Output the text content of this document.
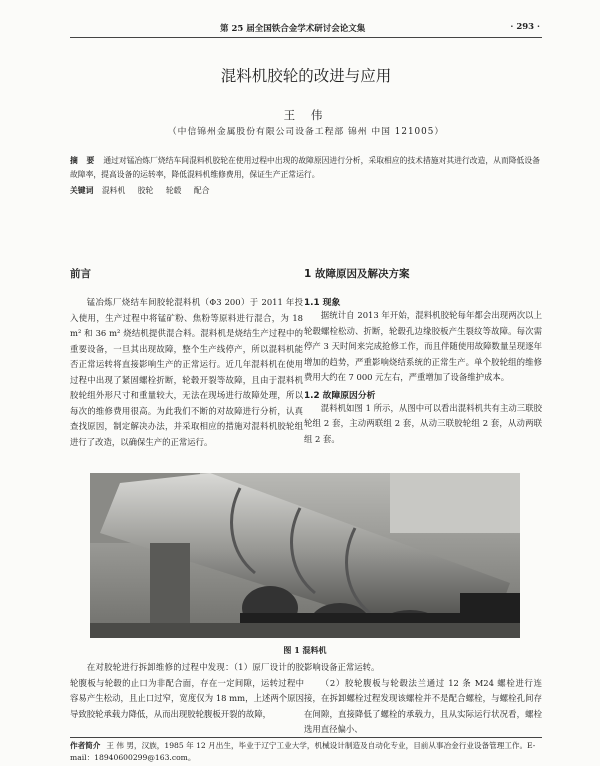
第 25 届全国铁合金学术研讨会论文集	· 293 ·
混料机胶轮的改进与应用
王 伟
（中信锦州金属股份有限公司设备工程部 锦州 中国 121005）
摘 要 通过对锰冶炼厂烧结车间混料机胶轮在使用过程中出现的故障原因进行分析，采取相应的技术措施对其进行改造，从而降低设备故障率，提高设备的运转率，降低混料机维修费用，保证生产正常运行。
关键词 混料机 胶轮 轮毂 配合
前言

锰冶炼厂烧结车间胶轮混料机（Φ3 200）于 2011 年投入使用，生产过程中将锰矿粉、焦粉等原料进行混合，为 18 m² 和 36 m² 烧结机提供混合料。混料机是烧结生产过程中的重要设备，一旦其出现故障，整个生产线停产，所以混料机能否正常运转将直接影响生产的正常运行。近几年混料机在使用过程中出现了紧固螺栓折断，轮毂开裂等故障，且由于混料机胶轮组外形尺寸和重量较大，无法在现场进行故障处理，所以每次的维修费用很高。为此我们不断的对故障进行分析，认真查找原因，制定解决办法，并采取相应的措施对混料机胶轮组进行了改造，以确保生产的正常运行。

1 故障原因及解决方案
1.1 现象

据统计自 2013 年开始，混料机胶轮每年都会出现两次以上轮毂螺栓松动、折断，轮毂孔边缘胶板产生裂纹等故障。每次需停产 3 天时间来完成抢修工作，而且伴随使用故障数量呈现逐年增加的趋势，严重影响烧结系统的正常生产。单个胶轮组的维修费用大约在 7 000 元左右，严重增加了设备维护成本。

1.2 故障原因分析

混料机如图 1 所示，从图中可以看出混料机共有主动三联胶轮组 2 套，主动两联组 2 套，从动三联胶轮组 2 套，从动两联组 2 套。

图 1 混料机

在对胶轮进行拆卸维修的过程中发现：（1）原厂设计的胶轮腹板与轮毂的止口为非配合面，存在一定间隙，运转过程中容易产生松动，且止口过窄，宽度仅为 18 mm，上述两个原因导致胶轮承载力降低，从而出现胶轮腹板开裂的故障，

影响设备正常运转。

（2）胶轮腹板与轮毂法兰通过 12 条 M24 螺栓进行连接，在拆卸螺栓过程发现该螺栓并不是配合螺栓，与螺栓孔间存在间隙，直接降低了螺栓的承载力，且从实际运行状况看，螺栓选用直径偏小、

作者简介 王 伟 男，汉族，1985 年 12 月出生，毕业于辽宁工业大学，机械设计制造及自动化专业，目前从事冶金行业设备管理工作。E-mail：18940600299@163.com。
